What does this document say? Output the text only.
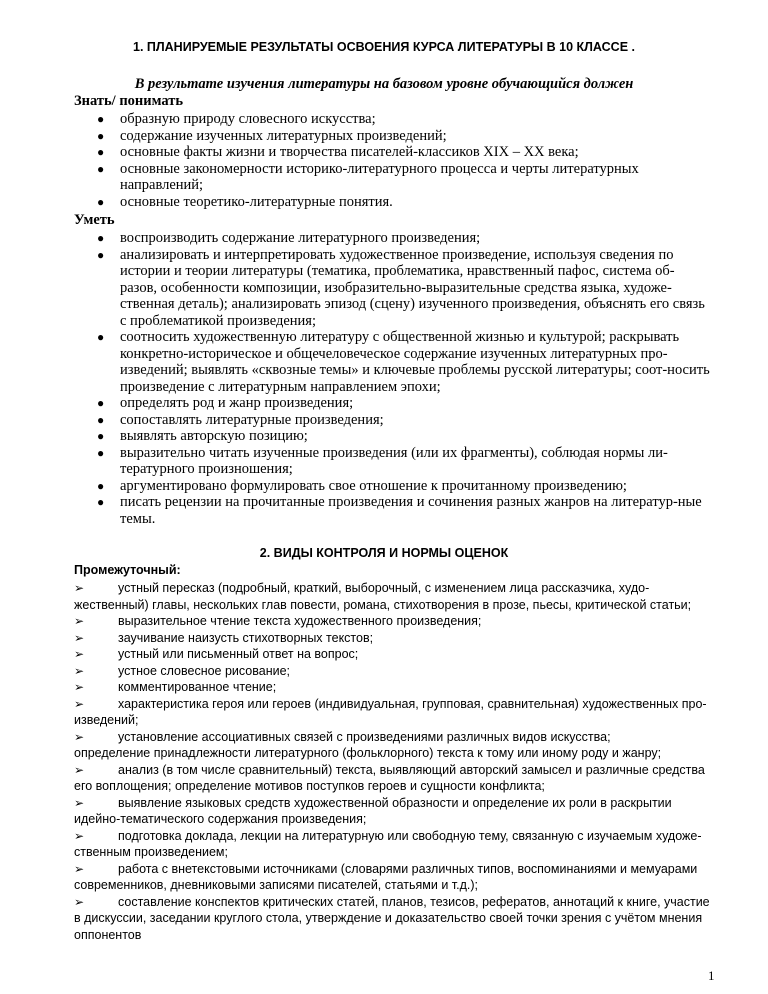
1. ПЛАНИРУЕМЫЕ РЕЗУЛЬТАТЫ ОСВОЕНИЯ КУРСА ЛИТЕРАТУРЫ В 10 КЛАССЕ .
В результате изучения литературы на базовом уровне обучающийся должен
Знать/ понимать
● образную природу словесного искусства;
● содержание изученных литературных произведений;
● основные факты жизни и творчества писателей-классиков XIX – XX века;
● основные закономерности историко-литературного процесса и черты литературных направлений;
● основные теоретико-литературные понятия.
Уметь
● воспроизводить содержание литературного произведения;
● анализировать и интерпретировать художественное произведение, используя сведения по истории и теории литературы (тематика, проблематика, нравственный пафос, система об-разов, особенности композиции, изобразительно-выразительные средства языка, художе-ственная деталь); анализировать эпизод (сцену) изученного произведения, объяснять его связь с проблематикой произведения;
● соотносить художественную литературу с общественной жизнью и культурой; раскрывать конкретно-историческое и общечеловеческое содержание изученных литературных про-изведений; выявлять «сквозные темы» и ключевые проблемы русской литературы; соот-носить произведение с литературным направлением эпохи;
● определять род и жанр произведения;
● сопоставлять литературные произведения;
● выявлять авторскую позицию;
● выразительно читать изученные произведения (или их фрагменты), соблюдая нормы ли-тературного произношения;
● аргументировано формулировать свое отношение к прочитанному произведению;
● писать рецензии на прочитанные произведения и сочинения разных жанров на литератур-ные темы.
2. ВИДЫ КОНТРОЛЯ И НОРМЫ ОЦЕНОК
Промежуточный:
➢	устный пересказ (подробный, краткий, выборочный, с изменением лица рассказчика, худо-жественный) главы, нескольких глав повести, романа, стихотворения в прозе, пьесы, критической статьи;
➢	выразительное чтение текста художественного произведения;
➢	заучивание наизусть стихотворных текстов;
➢	устный или письменный ответ на вопрос;
➢	устное словесное рисование;
➢	комментированное чтение;
➢	характеристика героя или героев (индивидуальная, групповая, сравнительная) художественных про-изведений;
➢	установление ассоциативных связей с произведениями различных видов искусства;
определение принадлежности литературного (фольклорного) текста к тому или иному роду и жанру;
➢	анализ (в том числе сравнительный) текста, выявляющий авторский замысел и различные средства его воплощения; определение мотивов поступков героев и сущности конфликта;
➢	выявление языковых средств художественной образности и определение их роли в раскрытии идейно-тематического содержания произведения;
➢	подготовка доклада, лекции на литературную или свободную тему, связанную с изучаемым художе-ственным произведением;
➢	работа с внетекстовыми источниками (словарями различных типов, воспоминаниями и мемуарами современников, дневниковыми записями писателей, статьями и т.д.);
➢	составление конспектов критических статей, планов, тезисов, рефератов, аннотаций к книге, участие в дискуссии, заседании круглого стола, утверждение и доказательство своей точки зрения с учётом мнения оппонентов
1
